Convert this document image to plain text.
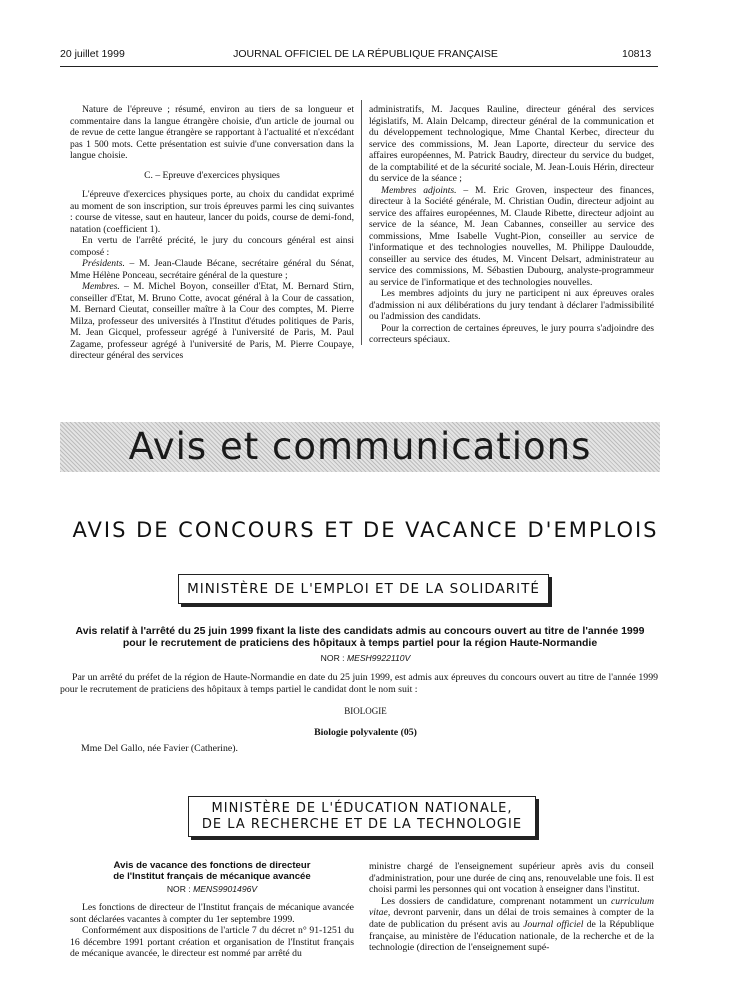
20 juillet 1999	JOURNAL OFFICIEL DE LA RÉPUBLIQUE FRANÇAISE	10813

Nature de l'épreuve ; résumé, environ au tiers de sa longueur et commentaire dans la langue étrangère choisie, d'un article de journal ou de revue de cette langue étrangère se rapportant à l'actualité et n'excédant pas 1 500 mots. Cette présentation est suivie d'une conversation dans la langue choisie.

C. – Epreuve d'exercices physiques

L'épreuve d'exercices physiques porte, au choix du candidat exprimé au moment de son inscription, sur trois épreuves parmi les cinq suivantes : course de vitesse, saut en hauteur, lancer du poids, course de demi-fond, natation (coefficient 1).

En vertu de l'arrêté précité, le jury du concours général est ainsi composé :

Présidents. – M. Jean-Claude Bécane, secrétaire général du Sénat, Mme Hélène Ponceau, secrétaire général de la questure ;

Membres. – M. Michel Boyon, conseiller d'Etat, M. Bernard Stirn, conseiller d'Etat, M. Bruno Cotte, avocat général à la Cour de cassation, M. Bernard Cieutat, conseiller maître à la Cour des comptes, M. Pierre Milza, professeur des universités à l'Institut d'études politiques de Paris, M. Jean Gicquel, professeur agrégé à l'université de Paris, M. Paul Zagame, professeur agrégé à l'université de Paris, M. Pierre Coupaye, directeur général des services

administratifs, M. Jacques Rauline, directeur général des services législatifs, M. Alain Delcamp, directeur général de la communication et du développement technologique, Mme Chantal Kerbec, directeur du service des commissions, M. Jean Laporte, directeur du service des affaires européennes, M. Patrick Baudry, directeur du service du budget, de la comptabilité et de la sécurité sociale, M. Jean-Louis Hérin, directeur du service de la séance ;

Membres adjoints. – M. Eric Groven, inspecteur des finances, directeur à la Société générale, M. Christian Oudin, directeur adjoint au service des affaires européennes, M. Claude Ribette, directeur adjoint au service de la séance, M. Jean Cabannes, conseiller au service des commissions, Mme Isabelle Vught-Pion, conseiller au service de l'informatique et des technologies nouvelles, M. Philippe Dauloudde, conseiller au service des études, M. Vincent Delsart, administrateur au service des commissions, M. Sébastien Dubourg, analyste-programmeur au service de l'informatique et des technologies nouvelles.

Les membres adjoints du jury ne participent ni aux épreuves orales d'admission ni aux délibérations du jury tendant à déclarer l'admissibilité ou l'admission des candidats.

Pour la correction de certaines épreuves, le jury pourra s'adjoindre des correcteurs spéciaux.

Avis et communications
AVIS DE CONCOURS ET DE VACANCE D'EMPLOIS
MINISTÈRE DE L'EMPLOI ET DE LA SOLIDARITÉ
Avis relatif à l'arrêté du 25 juin 1999 fixant la liste des candidats admis au concours ouvert au titre de l'année 1999
pour le recrutement de praticiens des hôpitaux à temps partiel pour la région Haute-Normandie
NOR : MESH9922110V
Par un arrêté du préfet de la région de Haute-Normandie en date du 25 juin 1999, est admis aux épreuves du concours ouvert au titre de l'année 1999 pour le recrutement de praticiens des hôpitaux à temps partiel le candidat dont le nom suit :
BIOLOGIE
Biologie polyvalente (05)
Mme Del Gallo, née Favier (Catherine).
MINISTÈRE DE L'ÉDUCATION NATIONALE,
DE LA RECHERCHE ET DE LA TECHNOLOGIE
Avis de vacance des fonctions de directeur
de l'Institut français de mécanique avancée
NOR : MENS9901496V

Les fonctions de directeur de l'Institut français de mécanique avancée sont déclarées vacantes à compter du 1er septembre 1999.

Conformément aux dispositions de l'article 7 du décret n° 91-1251 du 16 décembre 1991 portant création et organisation de l'Institut français de mécanique avancée, le directeur est nommé par arrêté du

ministre chargé de l'enseignement supérieur après avis du conseil d'administration, pour une durée de cinq ans, renouvelable une fois. Il est choisi parmi les personnes qui ont vocation à enseigner dans l'institut.

Les dossiers de candidature, comprenant notamment un curriculum vitae, devront parvenir, dans un délai de trois semaines à compter de la date de publication du présent avis au Journal officiel de la République française, au ministère de l'éducation nationale, de la recherche et de la technologie (direction de l'enseignement supé-
